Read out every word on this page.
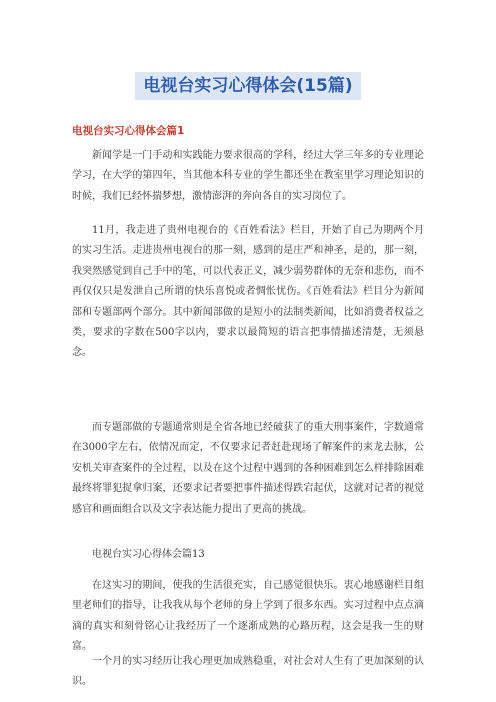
电视台实习心得体会(15篇)
电视台实习心得体会篇1

新闻学是一门手动和实践能力要求很高的学科，经过大学三年多的专业理论学习，在大学的第四年，当其他本科专业的学生都还坐在教室里学习理论知识的时候，我们已经怀揣梦想，激情澎湃的奔向各自的实习岗位了。

11月，我走进了贵州电视台的《百姓看法》栏目，开始了自己为期两个月的实习生活。走进贵州电视台的那一刻，感到的是庄严和神圣，是的，那一刻，我突然感觉到自己手中的笔，可以代表正义，减少弱势群体的无奈和悲伤，而不再仅仅只是发泄自己所谓的快乐喜悦或者惆怅忧伤。《百姓看法》栏目分为新闻部和专题部两个部分。其中新闻部做的是短小的法制类新闻，比如消费者权益之类，要求的字数在500字以内，要求以最简短的语言把事情描述清楚，无须悬念。

而专题部做的专题通常则是全省各地已经破获了的重大刑事案件，字数通常在3000字左右，依情况而定，不仅要求记者赶赴现场了解案件的来龙去脉，公安机关审查案件的全过程，以及在这个过程中遇到的各种困难到怎么样排除困难最终将罪犯捉拿归案，还要求记者要把事件描述得跌宕起伏，这就对记者的视觉感官和画面组合以及文字表达能力提出了更高的挑战。

电视台实习心得体会篇13

在这实习的期间，使我的生活很充实，自己感觉很快乐。衷心地感谢栏目组里老师们的指导，让我我从每个老师的身上学到了很多东西。实习过程中点点滴滴的真实和刻骨铭心让我经历了一个逐渐成熟的心路历程，这会是我一生的财富。

一个月的实习经历让我心理更加成熟稳重，对社会对人生有了更加深刻的认识。
